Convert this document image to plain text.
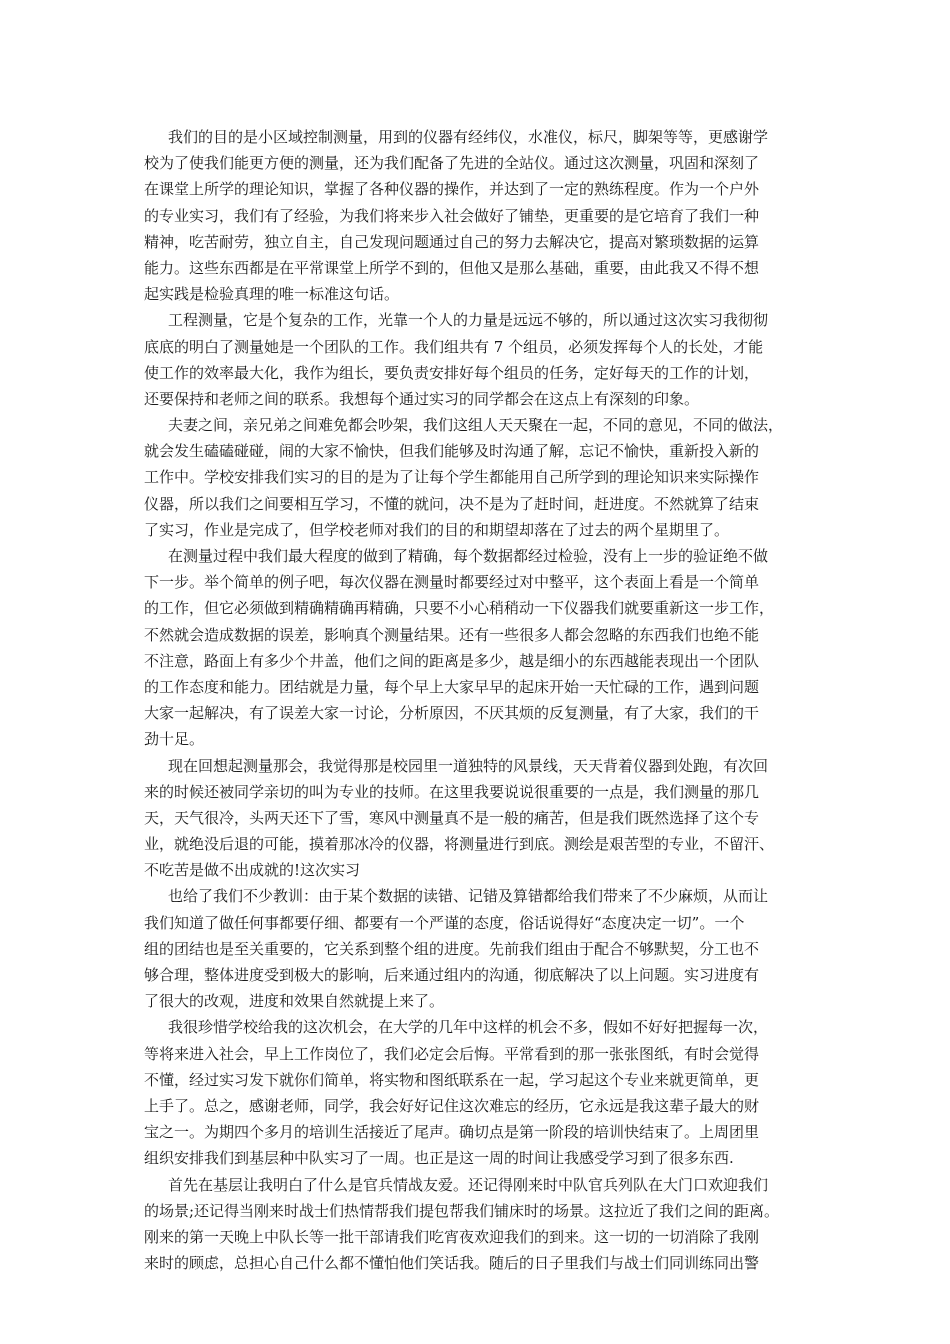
我们的目的是小区域控制测量，用到的仪器有经纬仪，水准仪，标尺，脚架等等，更感谢学
校为了使我们能更方便的测量，还为我们配备了先进的全站仪。通过这次测量，巩固和深刻了
在课堂上所学的理论知识，掌握了各种仪器的操作，并达到了一定的熟练程度。作为一个户外
的专业实习，我们有了经验，为我们将来步入社会做好了铺垫，更重要的是它培育了我们一种
精神，吃苦耐劳，独立自主，自己发现问题通过自己的努力去解决它，提高对繁琐数据的运算
能力。这些东西都是在平常课堂上所学不到的，但他又是那么基础，重要，由此我又不得不想
起实践是检验真理的唯一标准这句话。
工程测量，它是个复杂的工作，光靠一个人的力量是远远不够的，所以通过这次实习我彻彻
底底的明白了测量她是一个团队的工作。我们组共有 7 个组员，必须发挥每个人的长处，才能
使工作的效率最大化，我作为组长，要负责安排好每个组员的任务，定好每天的工作的计划，
还要保持和老师之间的联系。我想每个通过实习的同学都会在这点上有深刻的印象。
夫妻之间，亲兄弟之间难免都会吵架，我们这组人天天聚在一起，不同的意见，不同的做法，
就会发生磕磕碰碰，闹的大家不愉快，但我们能够及时沟通了解，忘记不愉快，重新投入新的
工作中。学校安排我们实习的目的是为了让每个学生都能用自己所学到的理论知识来实际操作
仪器，所以我们之间要相互学习，不懂的就问，决不是为了赶时间，赶进度。不然就算了结束
了实习，作业是完成了，但学校老师对我们的目的和期望却落在了过去的两个星期里了。
在测量过程中我们最大程度的做到了精确，每个数据都经过检验，没有上一步的验证绝不做
下一步。举个简单的例子吧，每次仪器在测量时都要经过对中整平，这个表面上看是一个简单
的工作，但它必须做到精确精确再精确，只要不小心稍稍动一下仪器我们就要重新这一步工作，
不然就会造成数据的误差，影响真个测量结果。还有一些很多人都会忽略的东西我们也绝不能
不注意，路面上有多少个井盖，他们之间的距离是多少，越是细小的东西越能表现出一个团队
的工作态度和能力。团结就是力量，每个早上大家早早的起床开始一天忙碌的工作，遇到问题
大家一起解决，有了误差大家一讨论，分析原因，不厌其烦的反复测量，有了大家，我们的干
劲十足。
现在回想起测量那会，我觉得那是校园里一道独特的风景线，天天背着仪器到处跑，有次回
来的时候还被同学亲切的叫为专业的技师。在这里我要说说很重要的一点是，我们测量的那几
天，天气很冷，头两天还下了雪，寒风中测量真不是一般的痛苦，但是我们既然选择了这个专
业，就绝没后退的可能，摸着那冰冷的仪器，将测量进行到底。测绘是艰苦型的专业，不留汗、
不吃苦是做不出成就的!这次实习
也给了我们不少教训：由于某个数据的读错、记错及算错都给我们带来了不少麻烦，从而让
我们知道了做任何事都要仔细、都要有一个严谨的态度，俗话说得好“态度决定一切”。一个
组的团结也是至关重要的，它关系到整个组的进度。先前我们组由于配合不够默契，分工也不
够合理，整体进度受到极大的影响，后来通过组内的沟通，彻底解决了以上问题。实习进度有
了很大的改观，进度和效果自然就提上来了。
我很珍惜学校给我的这次机会，在大学的几年中这样的机会不多，假如不好好把握每一次，
等将来进入社会，早上工作岗位了，我们必定会后悔。平常看到的那一张张图纸，有时会觉得
不懂，经过实习发下就你们简单，将实物和图纸联系在一起，学习起这个专业来就更简单，更
上手了。总之，感谢老师，同学，我会好好记住这次难忘的经历，它永远是我这辈子最大的财
宝之一。为期四个多月的培训生活接近了尾声。确切点是第一阶段的培训快结束了。上周团里
组织安排我们到基层种中队实习了一周。也正是这一周的时间让我感受学习到了很多东西.
首先在基层让我明白了什么是官兵情战友爱。还记得刚来时中队官兵列队在大门口欢迎我们
的场景;还记得当刚来时战士们热情帮我们提包帮我们铺床时的场景。这拉近了我们之间的距离。
刚来的第一天晚上中队长等一批干部请我们吃宵夜欢迎我们的到来。这一切的一切消除了我刚
来时的顾虑，总担心自己什么都不懂怕他们笑话我。随后的日子里我们与战士们同训练同出警
